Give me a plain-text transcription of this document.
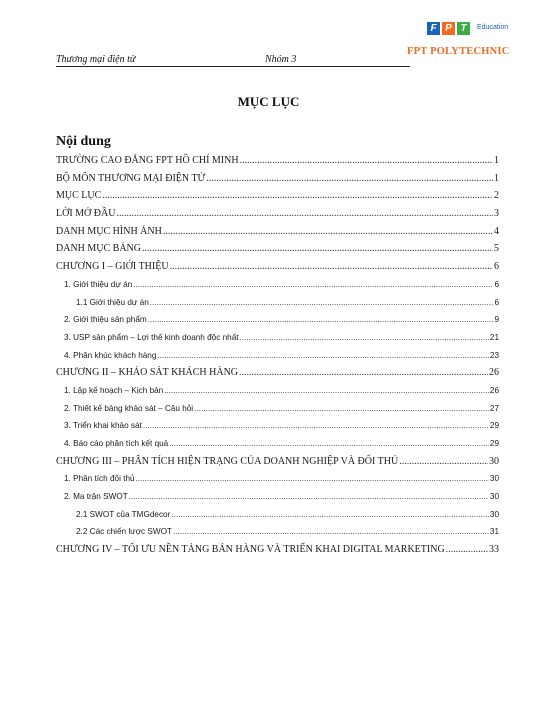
F P T	Education
FPT POLYTECHNIC
Thương mại điện tử	Nhóm 3
MỤC LỤC
Nội dung
TRƯỜNG CAO ĐẲNG FPT HỒ CHÍ MINH .....	1
BỘ MÔN THƯƠNG MẠI ĐIỆN TỬ .....	1
MỤC LỤC .....	2
LỜI MỞ ĐẦU .....	3
DANH MỤC HÌNH ẢNH .....	4
DANH MỤC BẢNG .....	5
CHƯƠNG I – GIỚI THIỆU .....	6
1. Giới thiệu dự án .....	6
1.1 Giới thiệu dự án .....	6
2. Giới thiệu sản phẩm .....	9
3. USP sản phẩm – Lợi thế kinh doanh độc nhất .....	21
4. Phân khúc khách hàng .....	23
CHƯƠNG II – KHẢO SÁT KHÁCH HÀNG .....	26
1. Lập kế hoạch – Kịch bản .....	26
2. Thiết kế bảng khảo sát – Câu hỏi .....	27
3. Triển khai khảo sát .....	29
4. Báo cáo phân tích kết quả .....	29
CHƯƠNG III – PHÂN TÍCH HIỆN TRẠNG CỦA DOANH NGHIỆP VÀ ĐỐI THỦ .....	30
1. Phân tích đối thủ .....	30
2. Ma trận SWOT .....	30
2.1 SWOT của TMGdecor .....	30
2.2 Các chiến lược SWOT .....	31
CHƯƠNG IV – TỐI ƯU NỀN TẢNG BÁN HÀNG VÀ TRIỂN KHAI DIGITAL MARKETING .....	33
